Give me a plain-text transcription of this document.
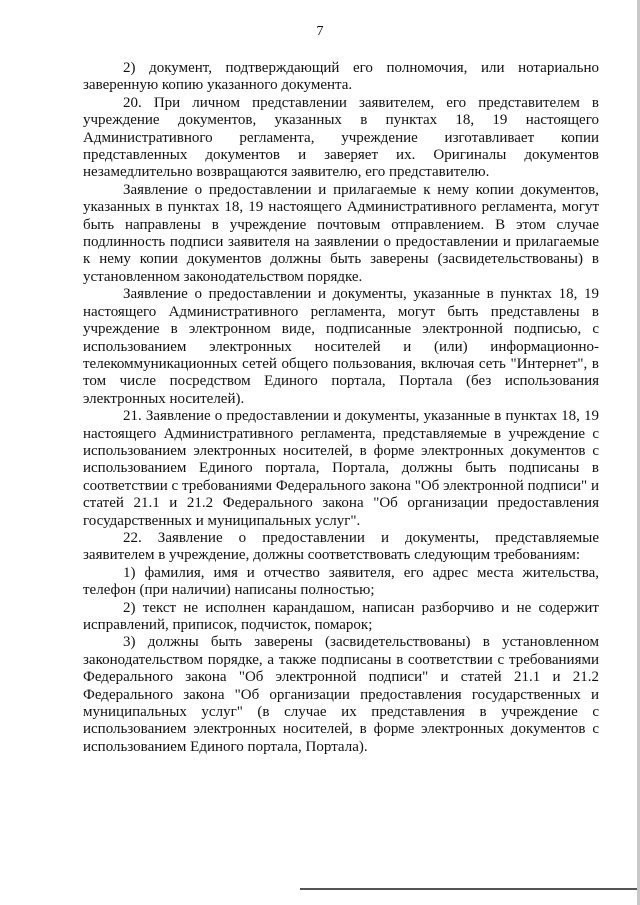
7

2) документ, подтверждающий его полномочия, или нотариально заверенную копию указанного документа.

20. При личном представлении заявителем, его представителем в учреждение документов, указанных в пунктах 18, 19 настоящего Административного регламента, учреждение изготавливает копии представленных документов и заверяет их. Оригиналы документов незамедлительно возвращаются заявителю, его представителю.

Заявление о предоставлении и прилагаемые к нему копии документов, указанных в пунктах 18, 19 настоящего Административного регламента, могут быть направлены в учреждение почтовым отправлением. В этом случае подлинность подписи заявителя на заявлении о предоставлении и прилагаемые к нему копии документов должны быть заверены (засвидетельствованы) в установленном законодательством порядке.

Заявление о предоставлении и документы, указанные в пунктах 18, 19 настоящего Административного регламента, могут быть представлены в учреждение в электронном виде, подписанные электронной подписью, с использованием электронных носителей и (или) информационно-телекоммуникационных сетей общего пользования, включая сеть "Интернет", в том числе посредством Единого портала, Портала (без использования электронных носителей).

21. Заявление о предоставлении и документы, указанные в пунктах 18, 19 настоящего Административного регламента, представляемые в учреждение с использованием электронных носителей, в форме электронных документов с использованием Единого портала, Портала, должны быть подписаны в соответствии с требованиями Федерального закона "Об электронной подписи" и статей 21.1 и 21.2 Федерального закона "Об организации предоставления государственных и муниципальных услуг".

22. Заявление о предоставлении и документы, представляемые заявителем в учреждение, должны соответствовать следующим требованиям:

1) фамилия, имя и отчество заявителя, его адрес места жительства, телефон (при наличии) написаны полностью;

2) текст не исполнен карандашом, написан разборчиво и не содержит исправлений, приписок, подчисток, помарок;

3) должны быть заверены (засвидетельствованы) в установленном законодательством порядке, а также подписаны в соответствии с требованиями Федерального закона "Об электронной подписи" и статей 21.1 и 21.2 Федерального закона "Об организации предоставления государственных и муниципальных услуг" (в случае их представления в учреждение с использованием электронных носителей, в форме электронных документов с использованием Единого портала, Портала).
